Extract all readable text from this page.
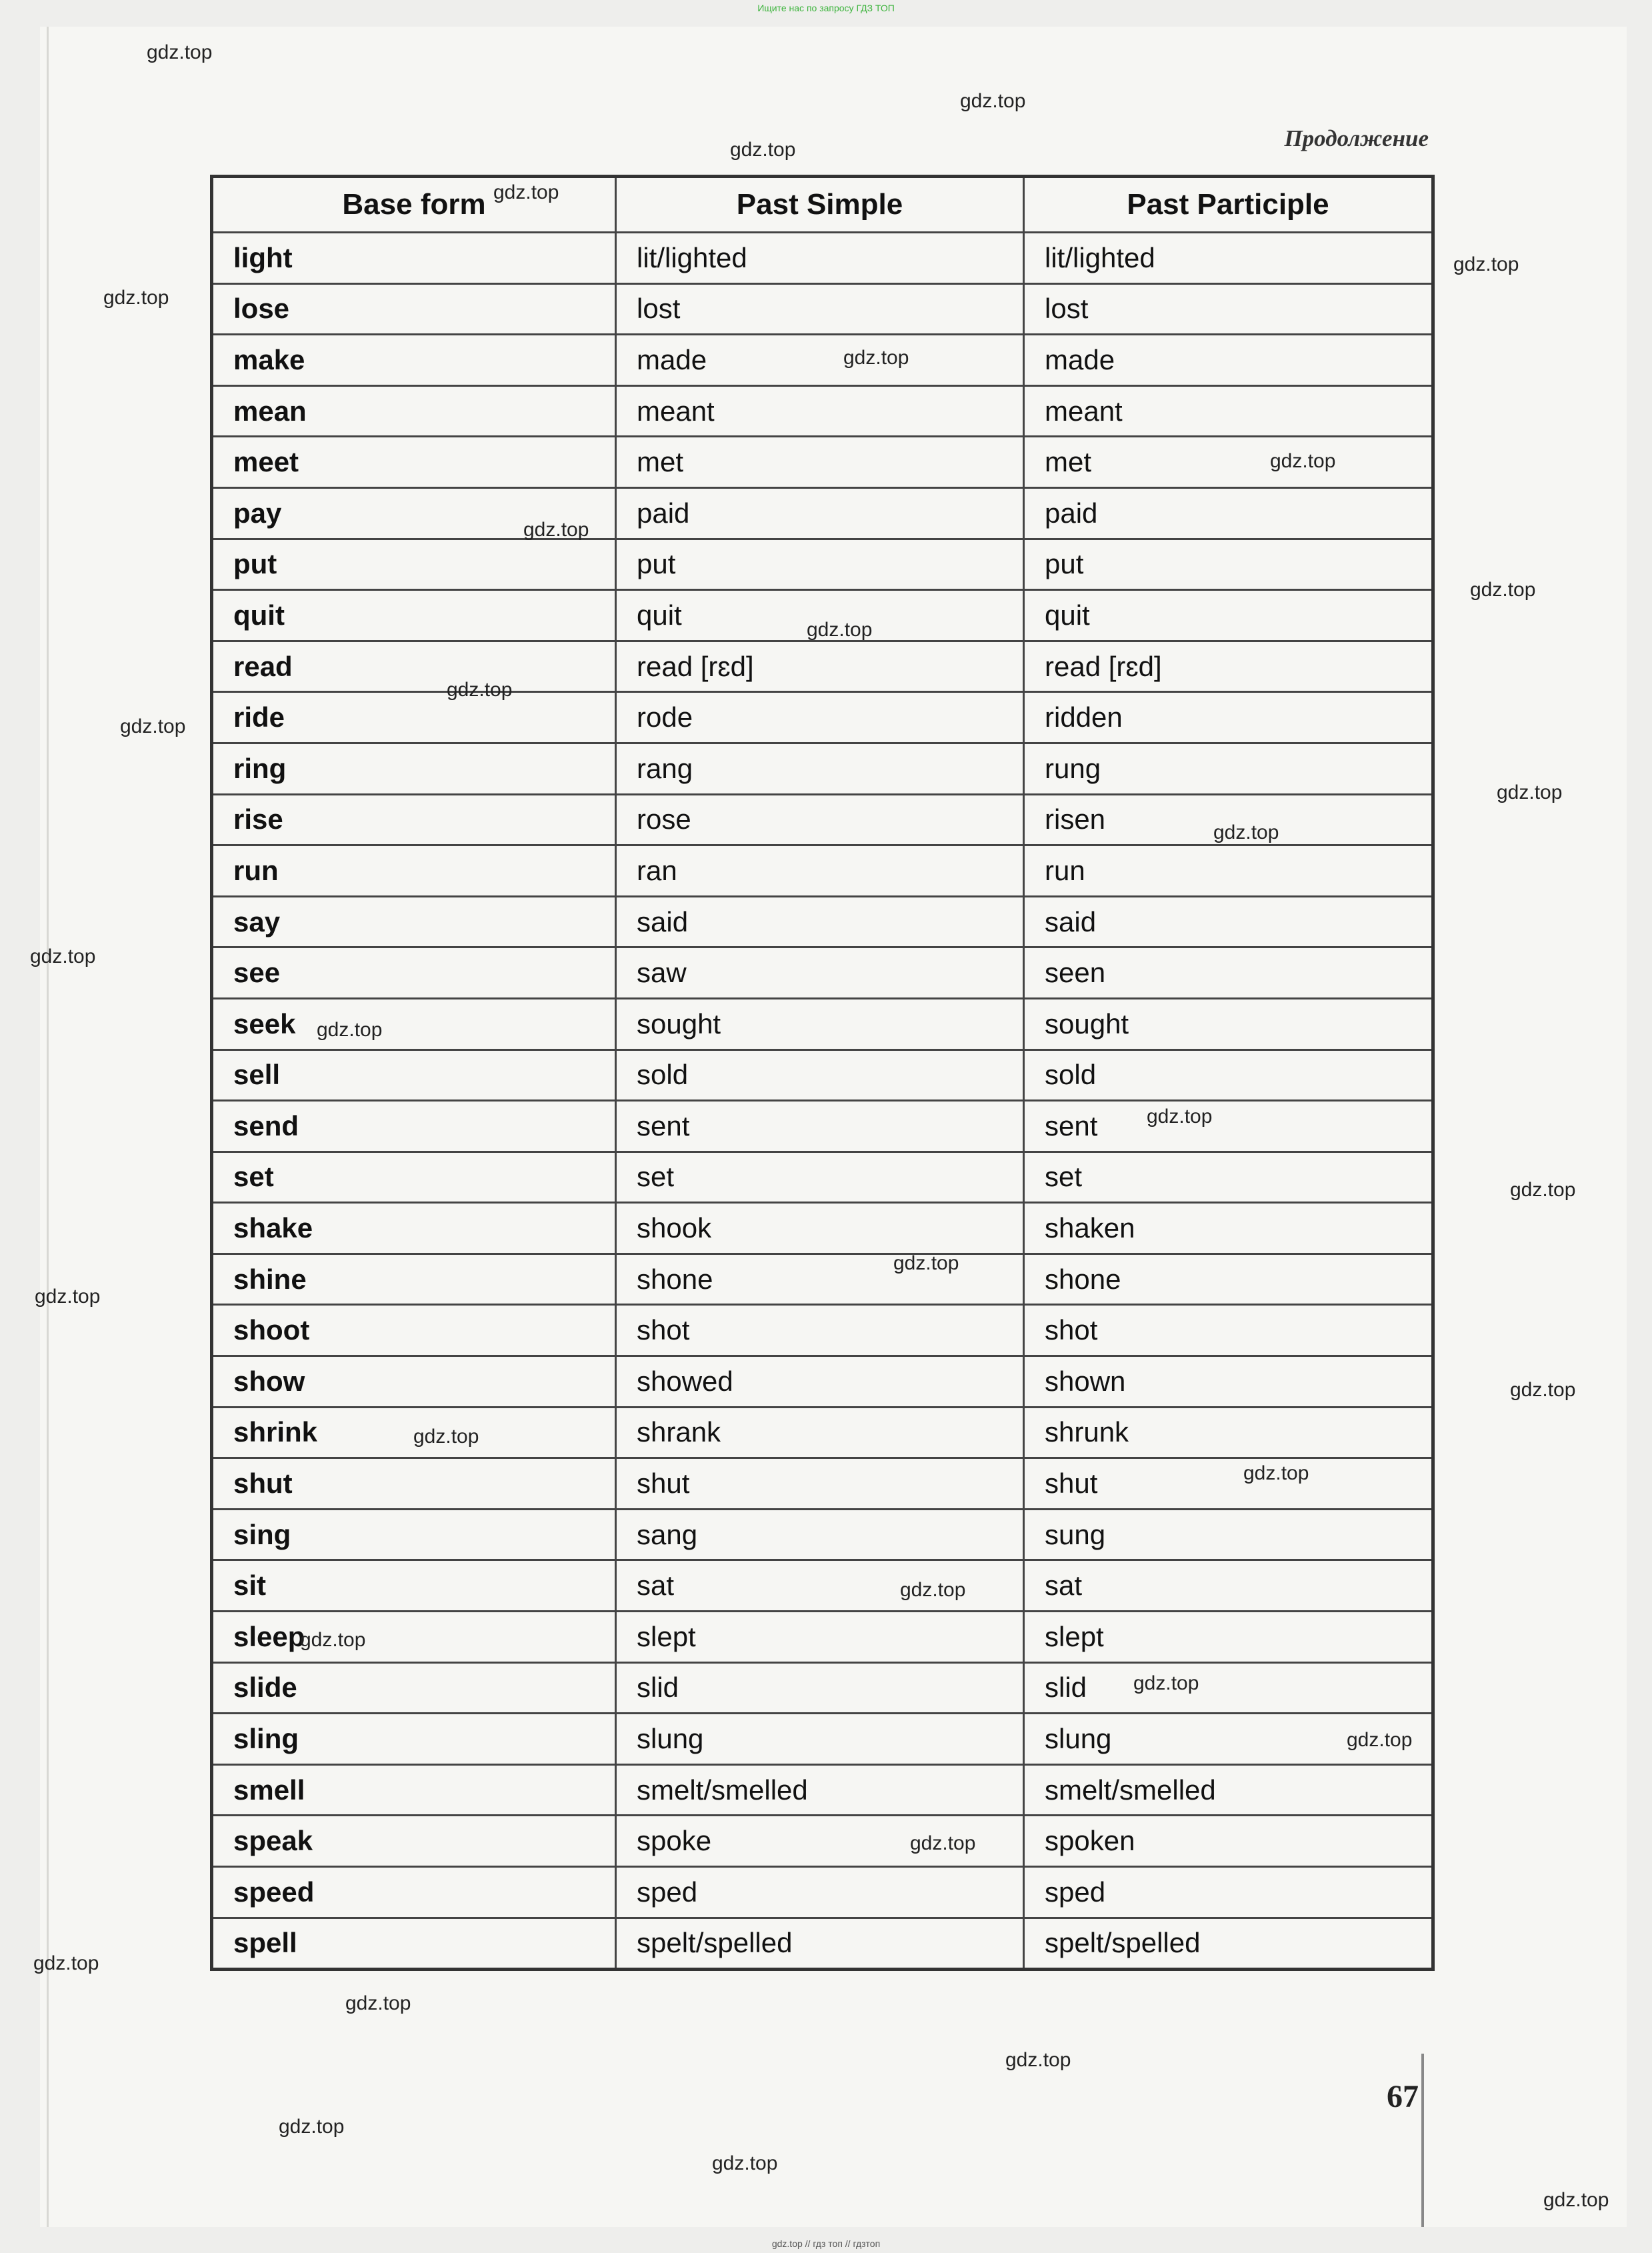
Ищите нас по запросу ГДЗ ТОП
Продолжение
Base form	Past Simple	Past Participle
light	lit/lighted	lit/lighted
lose	lost	lost
make	made	made
mean	meant	meant
meet	met	met
pay	paid	paid
put	put	put
quit	quit	quit
read	read [rɛd]	read [rɛd]
ride	rode	ridden
ring	rang	rung
rise	rose	risen
run	ran	run
say	said	said
see	saw	seen
seek	sought	sought
sell	sold	sold
send	sent	sent
set	set	set
shake	shook	shaken
shine	shone	shone
shoot	shot	shot
show	showed	shown
shrink	shrank	shrunk
shut	shut	shut
sing	sang	sung
sit	sat	sat
sleep	slept	slept
slide	slid	slid
sling	slung	slung
smell	smelt/smelled	smelt/smelled
speak	spoke	spoken
speed	sped	sped
spell	spelt/spelled	spelt/spelled
67
gdz.top
gdz.top
gdz.top
gdz.top
gdz.top
gdz.top
gdz.top
gdz.top
gdz.top
gdz.top
gdz.top
gdz.top
gdz.top
gdz.top
gdz.top
gdz.top
gdz.top
gdz.top
gdz.top
gdz.top
gdz.top
gdz.top
gdz.top
gdz.top
gdz.top
gdz.top
gdz.top
gdz.top
gdz.top
gdz.top
gdz.top
gdz.top
gdz.top
gdz.top
gdz.top
gdz.top // гдз топ // гдзтоп
